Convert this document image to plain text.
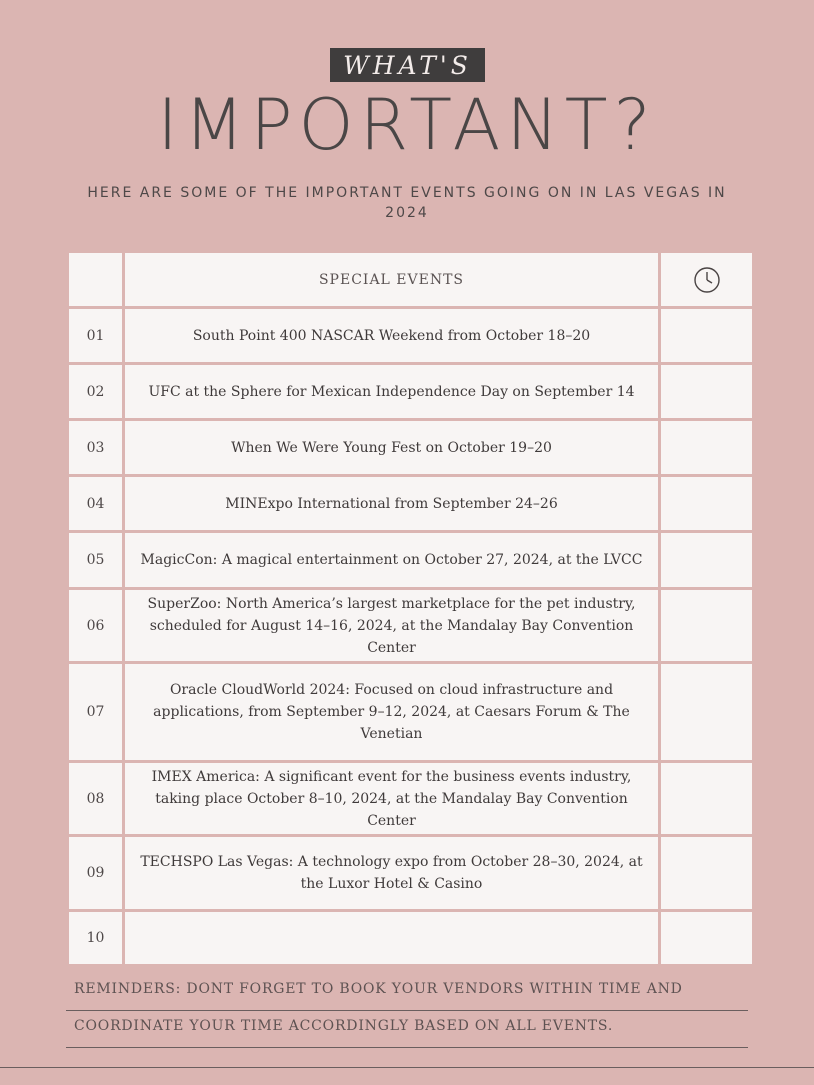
WHAT'S
IMPORTANT?
HERE ARE SOME OF THE IMPORTANT EVENTS GOING ON IN LAS VEGAS IN 2024
	SPECIAL EVENTS	
01	South Point 400 NASCAR Weekend from October 18–20	
02	UFC at the Sphere for Mexican Independence Day on September 14	
03	When We Were Young Fest on October 19–20	
04	MINExpo International from September 24–26	
05	MagicCon: A magical entertainment on October 27, 2024, at the LVCC	
06	SuperZoo: North America’s largest marketplace for the pet industry, scheduled for August 14–16, 2024, at the Mandalay Bay Convention Center	
07	Oracle CloudWorld 2024: Focused on cloud infrastructure and applications, from September 9–12, 2024, at Caesars Forum & The Venetian	
08	IMEX America: A significant event for the business events industry, taking place October 8–10, 2024, at the Mandalay Bay Convention Center	
09	TECHSPO Las Vegas: A technology expo from October 28–30, 2024, at the Luxor Hotel & Casino	
10		
REMINDERS: DONT FORGET TO BOOK YOUR VENDORS WITHIN TIME AND
COORDINATE YOUR TIME ACCORDINGLY BASED ON ALL EVENTS.
